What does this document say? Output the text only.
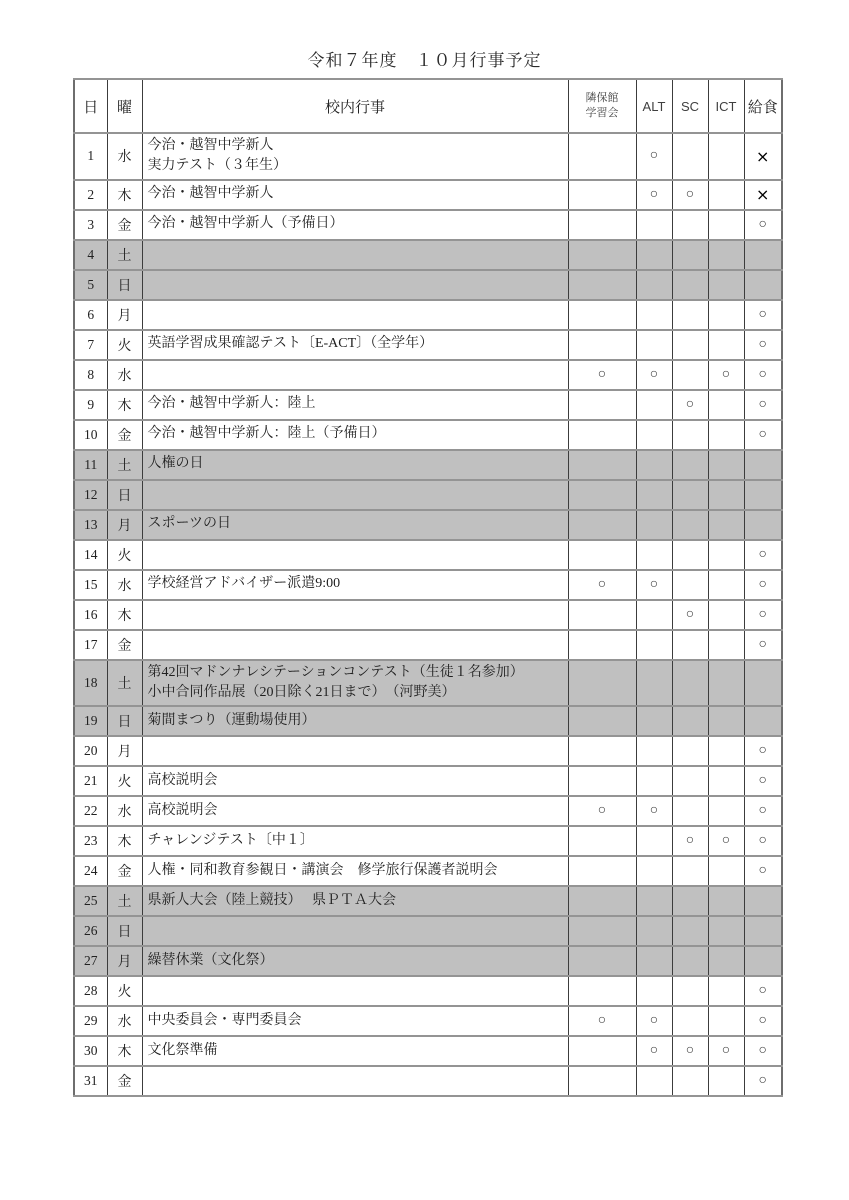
令和７年度　１０月行事予定
日	曜	校内行事	隣保館
学習会	ALT	SC	ICT	給食
1	水	今治・越智中学新人
実力テスト（３年生）		○			×
2	木	今治・越智中学新人		○	○		×
3	金	今治・越智中学新人（予備日）					○
4	土						
5	日						
6	月						○
7	火	英語学習成果確認テスト〔E-ACT〕（全学年）					○
8	水		○	○		○	○
9	木	今治・越智中学新人：陸上			○		○
10	金	今治・越智中学新人：陸上（予備日）					○
11	土	人権の日					
12	日						
13	月	スポーツの日					
14	火						○
15	水	学校経営アドバイザー派遣9:00	○	○			○
16	木				○		○
17	金						○
18	土	第42回マドンナレシテーションコンテスト（生徒１名参加）
小中合同作品展（20日除く21日まで）　（河野美）					
19	日	菊間まつり（運動場使用）					
20	月						○
21	火	高校説明会					○
22	水	高校説明会	○	○			○
23	木	チャレンジテスト〔中１〕			○	○	○
24	金	人権・同和教育参観日・講演会　修学旅行保護者説明会					○
25	土	県新人大会（陸上競技）　 県ＰＴＡ大会					
26	日						
27	月	繰替休業（文化祭）					
28	火						○
29	水	中央委員会・専門委員会	○	○			○
30	木	文化祭準備		○	○	○	○
31	金						○
